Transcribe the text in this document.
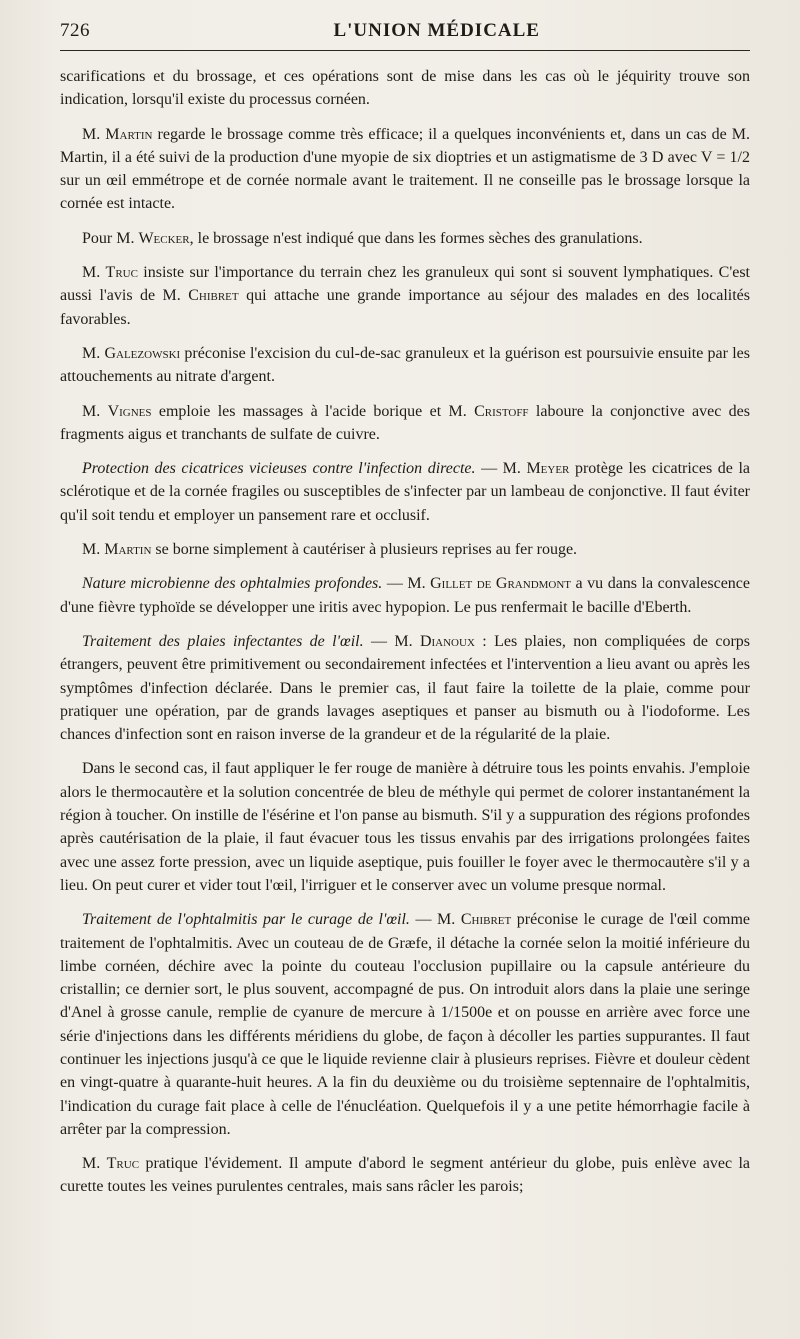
726	L'UNION MÉDICALE

scarifications et du brossage, et ces opérations sont de mise dans les cas où le jéquirity trouve son indication, lorsqu'il existe du processus cornéen.

M. Martin regarde le brossage comme très efficace; il a quelques inconvénients et, dans un cas de M. Martin, il a été suivi de la production d'une myopie de six dioptries et un astigmatisme de 3 D avec V = 1/2 sur un œil emmétrope et de cornée normale avant le traitement. Il ne conseille pas le brossage lorsque la cornée est intacte.

Pour M. Wecker, le brossage n'est indiqué que dans les formes sèches des granulations.

M. Truc insiste sur l'importance du terrain chez les granuleux qui sont si souvent lymphatiques. C'est aussi l'avis de M. Chibret qui attache une grande importance au séjour des malades en des localités favorables.

M. Galezowski préconise l'excision du cul-de-sac granuleux et la guérison est poursuivie ensuite par les attouchements au nitrate d'argent.

M. Vignes emploie les massages à l'acide borique et M. Cristoff laboure la conjonctive avec des fragments aigus et tranchants de sulfate de cuivre.

Protection des cicatrices vicieuses contre l'infection directe. — M. Meyer protège les cicatrices de la sclérotique et de la cornée fragiles ou susceptibles de s'infecter par un lambeau de conjonctive. Il faut éviter qu'il soit tendu et employer un pansement rare et occlusif.

M. Martin se borne simplement à cautériser à plusieurs reprises au fer rouge.

Nature microbienne des ophtalmies profondes. — M. Gillet de Grandmont a vu dans la convalescence d'une fièvre typhoïde se développer une iritis avec hypopion. Le pus renfermait le bacille d'Eberth.

Traitement des plaies infectantes de l'œil. — M. Dianoux : Les plaies, non compliquées de corps étrangers, peuvent être primitivement ou secondairement infectées et l'intervention a lieu avant ou après les symptômes d'infection déclarée. Dans le premier cas, il faut faire la toilette de la plaie, comme pour pratiquer une opération, par de grands lavages aseptiques et panser au bismuth ou à l'iodoforme. Les chances d'infection sont en raison inverse de la grandeur et de la régularité de la plaie.

Dans le second cas, il faut appliquer le fer rouge de manière à détruire tous les points envahis. J'emploie alors le thermocautère et la solution concentrée de bleu de méthyle qui permet de colorer instantanément la région à toucher. On instille de l'ésérine et l'on panse au bismuth. S'il y a suppuration des régions profondes après cautérisation de la plaie, il faut évacuer tous les tissus envahis par des irrigations prolongées faites avec une assez forte pression, avec un liquide aseptique, puis fouiller le foyer avec le thermocautère s'il y a lieu. On peut curer et vider tout l'œil, l'irriguer et le conserver avec un volume presque normal.

Traitement de l'ophtalmitis par le curage de l'œil. — M. Chibret préconise le curage de l'œil comme traitement de l'ophtalmitis. Avec un couteau de de Græfe, il détache la cornée selon la moitié inférieure du limbe cornéen, déchire avec la pointe du couteau l'occlusion pupillaire ou la capsule antérieure du cristallin; ce dernier sort, le plus souvent, accompagné de pus. On introduit alors dans la plaie une seringe d'Anel à grosse canule, remplie de cyanure de mercure à 1/1500e et on pousse en arrière avec force une série d'injections dans les différents méridiens du globe, de façon à décoller les parties suppurantes. Il faut continuer les injections jusqu'à ce que le liquide revienne clair à plusieurs reprises. Fièvre et douleur cèdent en vingt-quatre à quarante-huit heures. A la fin du deuxième ou du troisième septennaire de l'ophtalmitis, l'indication du curage fait place à celle de l'énucléation. Quelquefois il y a une petite hémorrhagie facile à arrêter par la compression.

M. Truc pratique l'évidement. Il ampute d'abord le segment antérieur du globe, puis enlève avec la curette toutes les veines purulentes centrales, mais sans râcler les parois;
